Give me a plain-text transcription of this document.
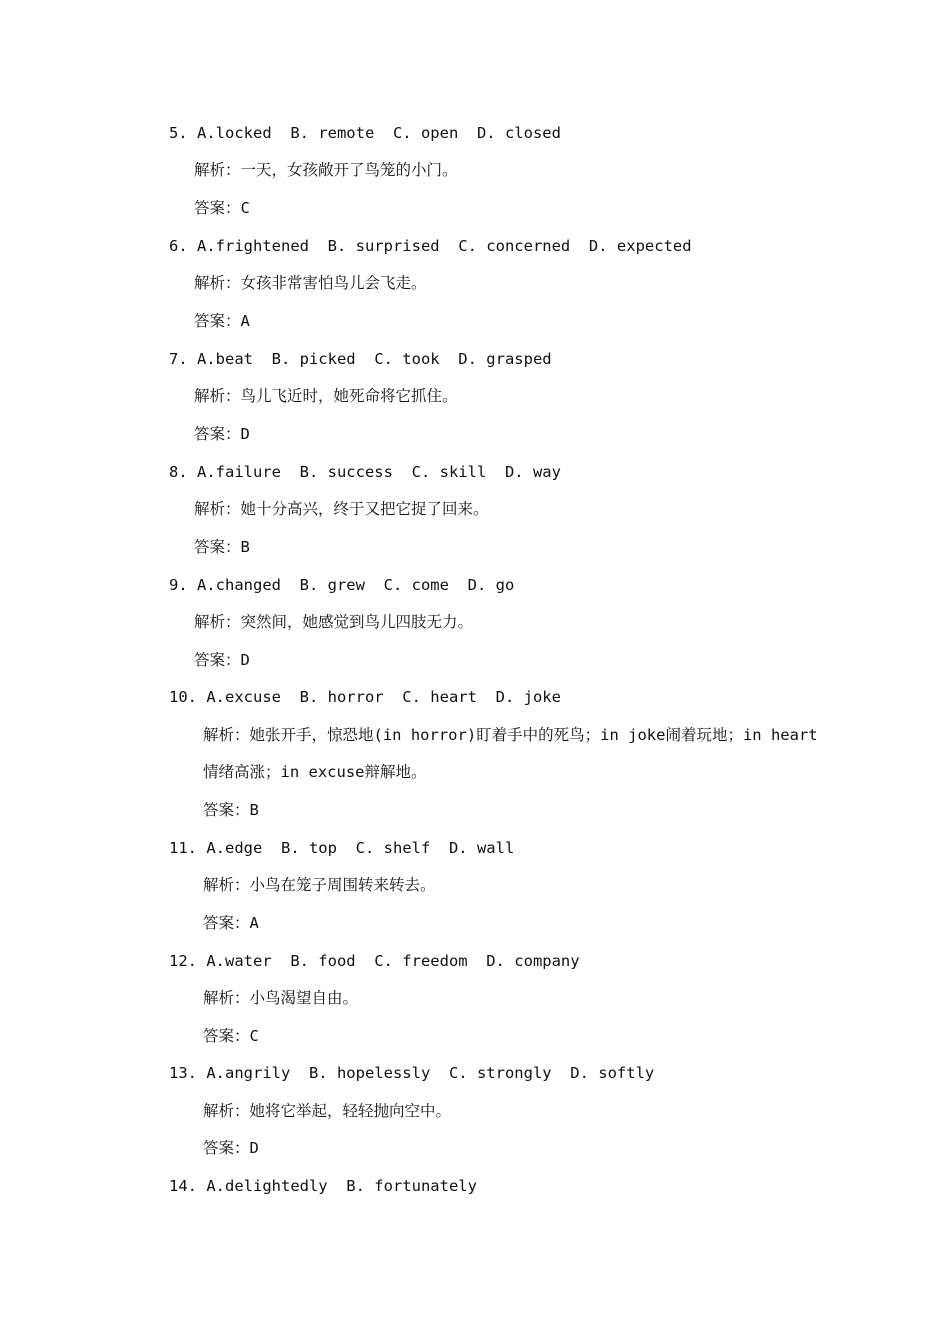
5. A.locked  B. remote  C. open  D. closed
解析：一天，女孩敞开了鸟笼的小门。
答案：C
6. A.frightened  B. surprised  C. concerned  D. expected
解析：女孩非常害怕鸟儿会飞走。
答案：A
7. A.beat  B. picked  C. took  D. grasped
解析：鸟儿飞近时，她死命将它抓住。
答案：D
8. A.failure  B. success  C. skill  D. way
解析：她十分高兴，终于又把它捉了回来。
答案：B
9. A.changed  B. grew  C. come  D. go
解析：突然间，她感觉到鸟儿四肢无力。
答案：D
10. A.excuse  B. horror  C. heart  D. joke
解析：她张开手，惊恐地(in horror)盯着手中的死鸟；in joke闹着玩地；in heart
情绪高涨；in excuse辩解地。
答案：B
11. A.edge  B. top  C. shelf  D. wall
解析：小鸟在笼子周围转来转去。
答案：A
12. A.water  B. food  C. freedom  D. company
解析：小鸟渴望自由。
答案：C
13. A.angrily  B. hopelessly  C. strongly  D. softly
解析：她将它举起，轻轻抛向空中。
答案：D
14. A.delightedly  B. fortunately
